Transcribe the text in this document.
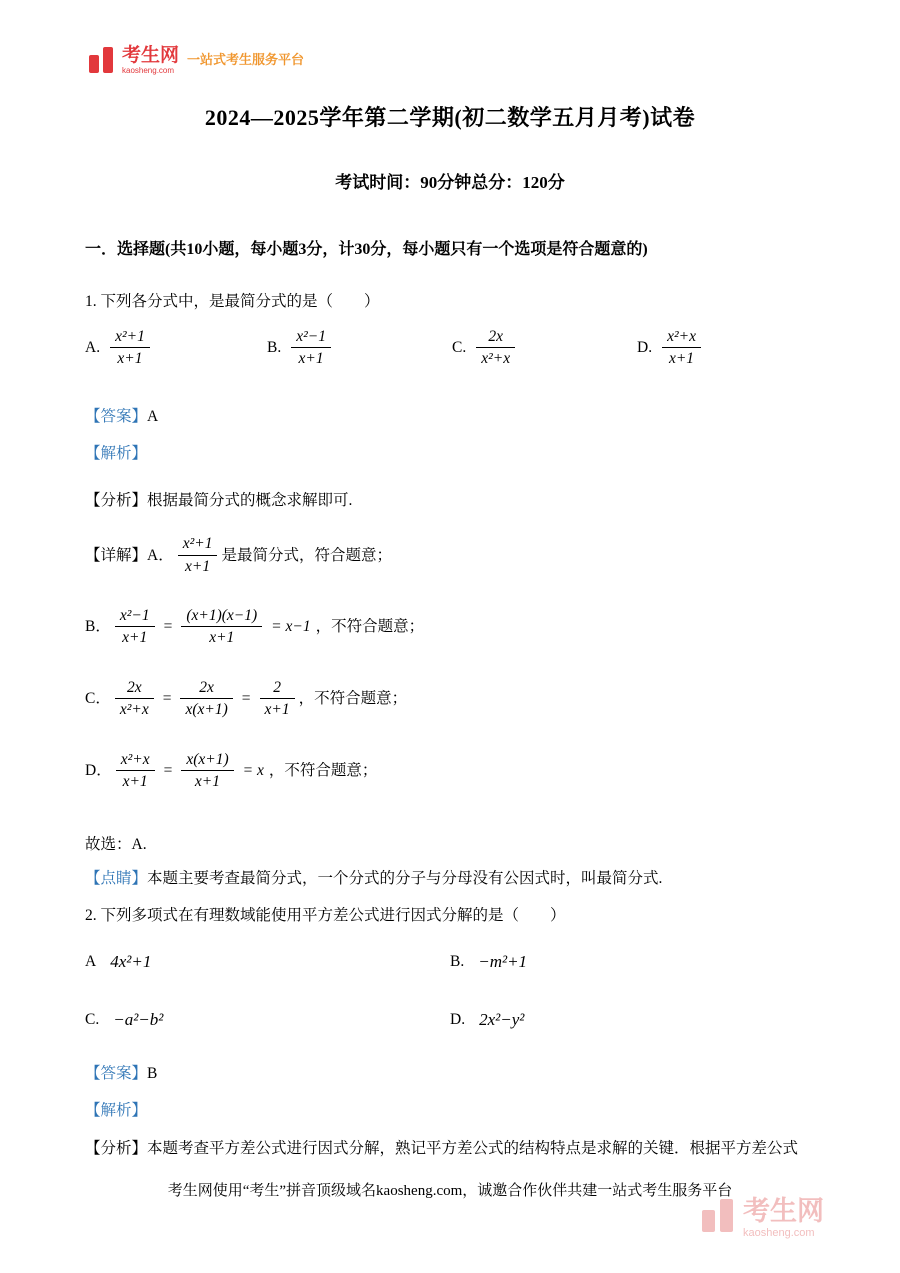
考生网
kaosheng.com
一站式考生服务平台
2024—2025学年第二学期(初二数学五月月考)试卷
考试时间：90分钟总分：120分
一．选择题(共10小题，每小题3分，计30分，每小题只有一个选项是符合题意的)
1. 下列各分式中，是最简分式的是（　　）
A. $\frac{\text{x²+1}}{x+1}$	B. $\frac{\text{x²−1}}{x+1}$	C. $\frac{2x}{\text{x²+x}}$	D. $\frac{\text{x²+x}}{x+1}$
【答案】A
【解析】
【分析】根据最简分式的概念求解即可.
【详解】 A． $\frac{\text{x²+1}}{x+1}$ 是最简分式，符合题意；
B． $\frac{\text{x²−1}}{x+1} = \frac{(x+1)(x-1)}{x+1} = x-1$ ，不符合题意；
C． $\frac{2x}{\text{x²+x}} = \frac{2x}{x(x+1)} = \frac{2}{x+1}$ ，不符合题意；
D． $\frac{\text{x²+x}}{x+1} = \frac{x(x+1)}{x+1} = x$ ，不符合题意；
故选：A.
【点睛】本题主要考查最简分式，一个分式的分子与分母没有公因式时，叫最简分式.
2. 下列多项式在有理数域能使用平方差公式进行因式分解的是（　　）
A 4x²+1	B. −m²+1
C. −a²−b²	D. 2x²−y²
【答案】B
【解析】
【分析】本题考查平方差公式进行因式分解，熟记平方差公式的结构特点是求解的关键．根据平方差公式
考生网使用“考生”拼音顶级域名kaosheng.com，诚邀合作伙伴共建一站式考生服务平台
考生网
kaosheng.com
